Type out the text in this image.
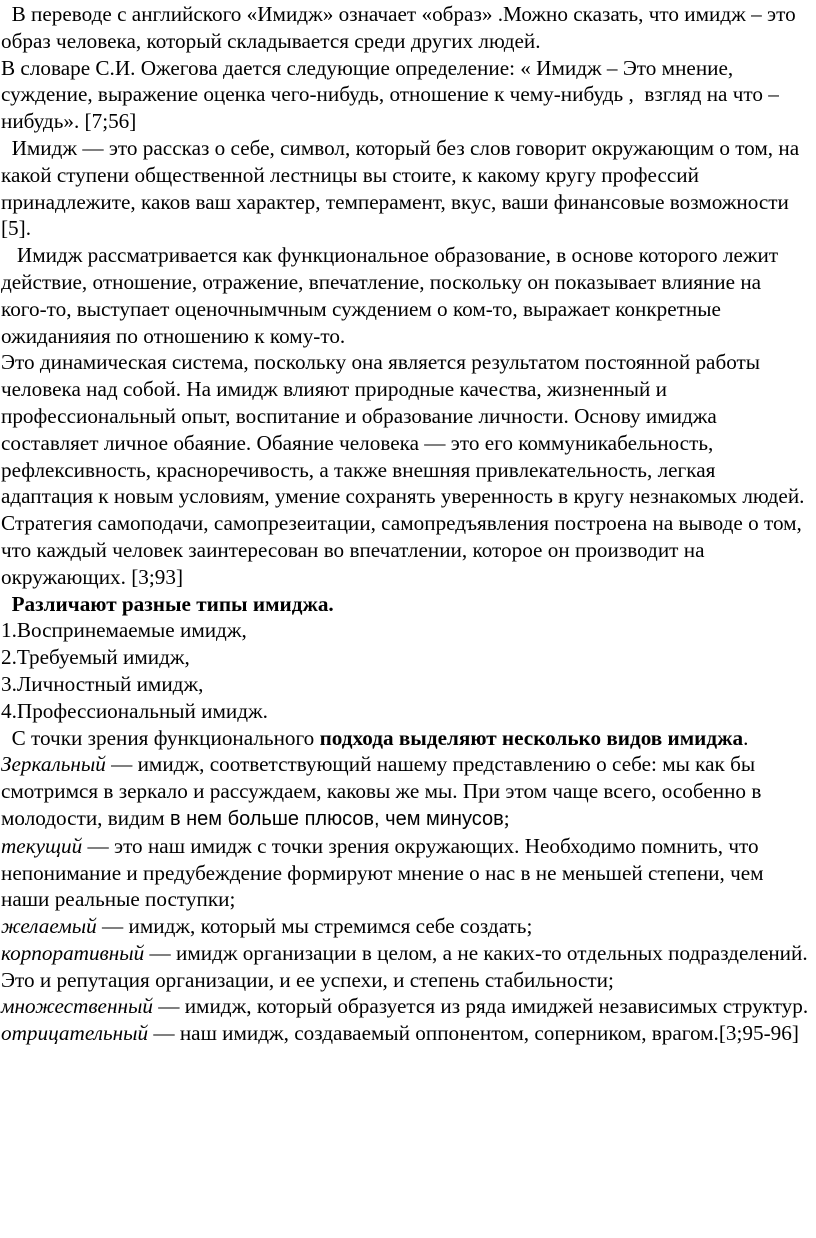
В переводе с английского «Имидж» означает «образ» .Можно сказать, что имидж – это образ человека, который складывается среди других людей.

В словаре С.И. Ожегова дается следующие определение: « Имидж – Это мнение, суждение, выражение оценка чего-нибудь, отношение к чему-нибудь ,  взгляд на что – нибудь». [7;56]

Имидж — это рассказ о себе, символ, который без слов говорит окружающим о том, на какой ступени общественной лестницы вы стоите, к какому кругу профессий принадлежите, каков ваш характер, темперамент, вкус, ваши финансовые возможности [5].

Имидж рассматривается как функциональное образование, в основе которого лежит действие, отношение, отражение, впечатление, поскольку он показывает влияние на кого-то, выступает оценочнымчным суждением о ком-то, выражает конкретные ожиданияия по отношению к кому-то.

Это динамическая система, поскольку она является результатом постоянной работы человека над собой. На имидж влияют природные качества, жизненный и профессиональный опыт, воспитание и образование личности. Основу имиджа составляет личное обаяние. Обаяние человека — это его коммуникабельность,  рефлексивность, красноречивость, а также внешняя привлекательность, легкая адаптация к новым условиям, умение сохранять уверенность в кругу незнакомых людей. Стратегия самоподачи, самопрезеитации, самопредъявления построена на выводе о том, что каждый человек заинтересован во впечатлении, которое он производит на окружающих. [3;93]

Различают разные типы имиджа.

1.Воспринемаемые имидж,

2.Требуемый имидж,

3.Личностный имидж,

4.Профессиональный имидж.

С точки зрения функционального подхода выделяют несколько видов имиджа.

Зеркальный — имидж, соответствующий нашему представлению о себе: мы как бы смотримся в зеркало и рассуждаем, каковы же мы. При этом чаще всего, особенно в молодости, видим в нем больше плюсов, чем минусов;

текущий — это наш имидж с точки зрения окружающих. Необходимо помнить, что непонимание и предубеждение формируют мнение о нас в не меньшей степени, чем наши реальные поступки;

желаемый — имидж, который мы стремимся себе создать;

корпоративный — имидж организации в целом, а не каких-то отдельных подразделений. Это и репутация организации, и ее успехи, и степень стабильности;

множественный — имидж, который образуется из ряда имиджей независимых структур.

отрицательный — наш имидж, создаваемый оппонентом, соперником, врагом.[3;95-96]
